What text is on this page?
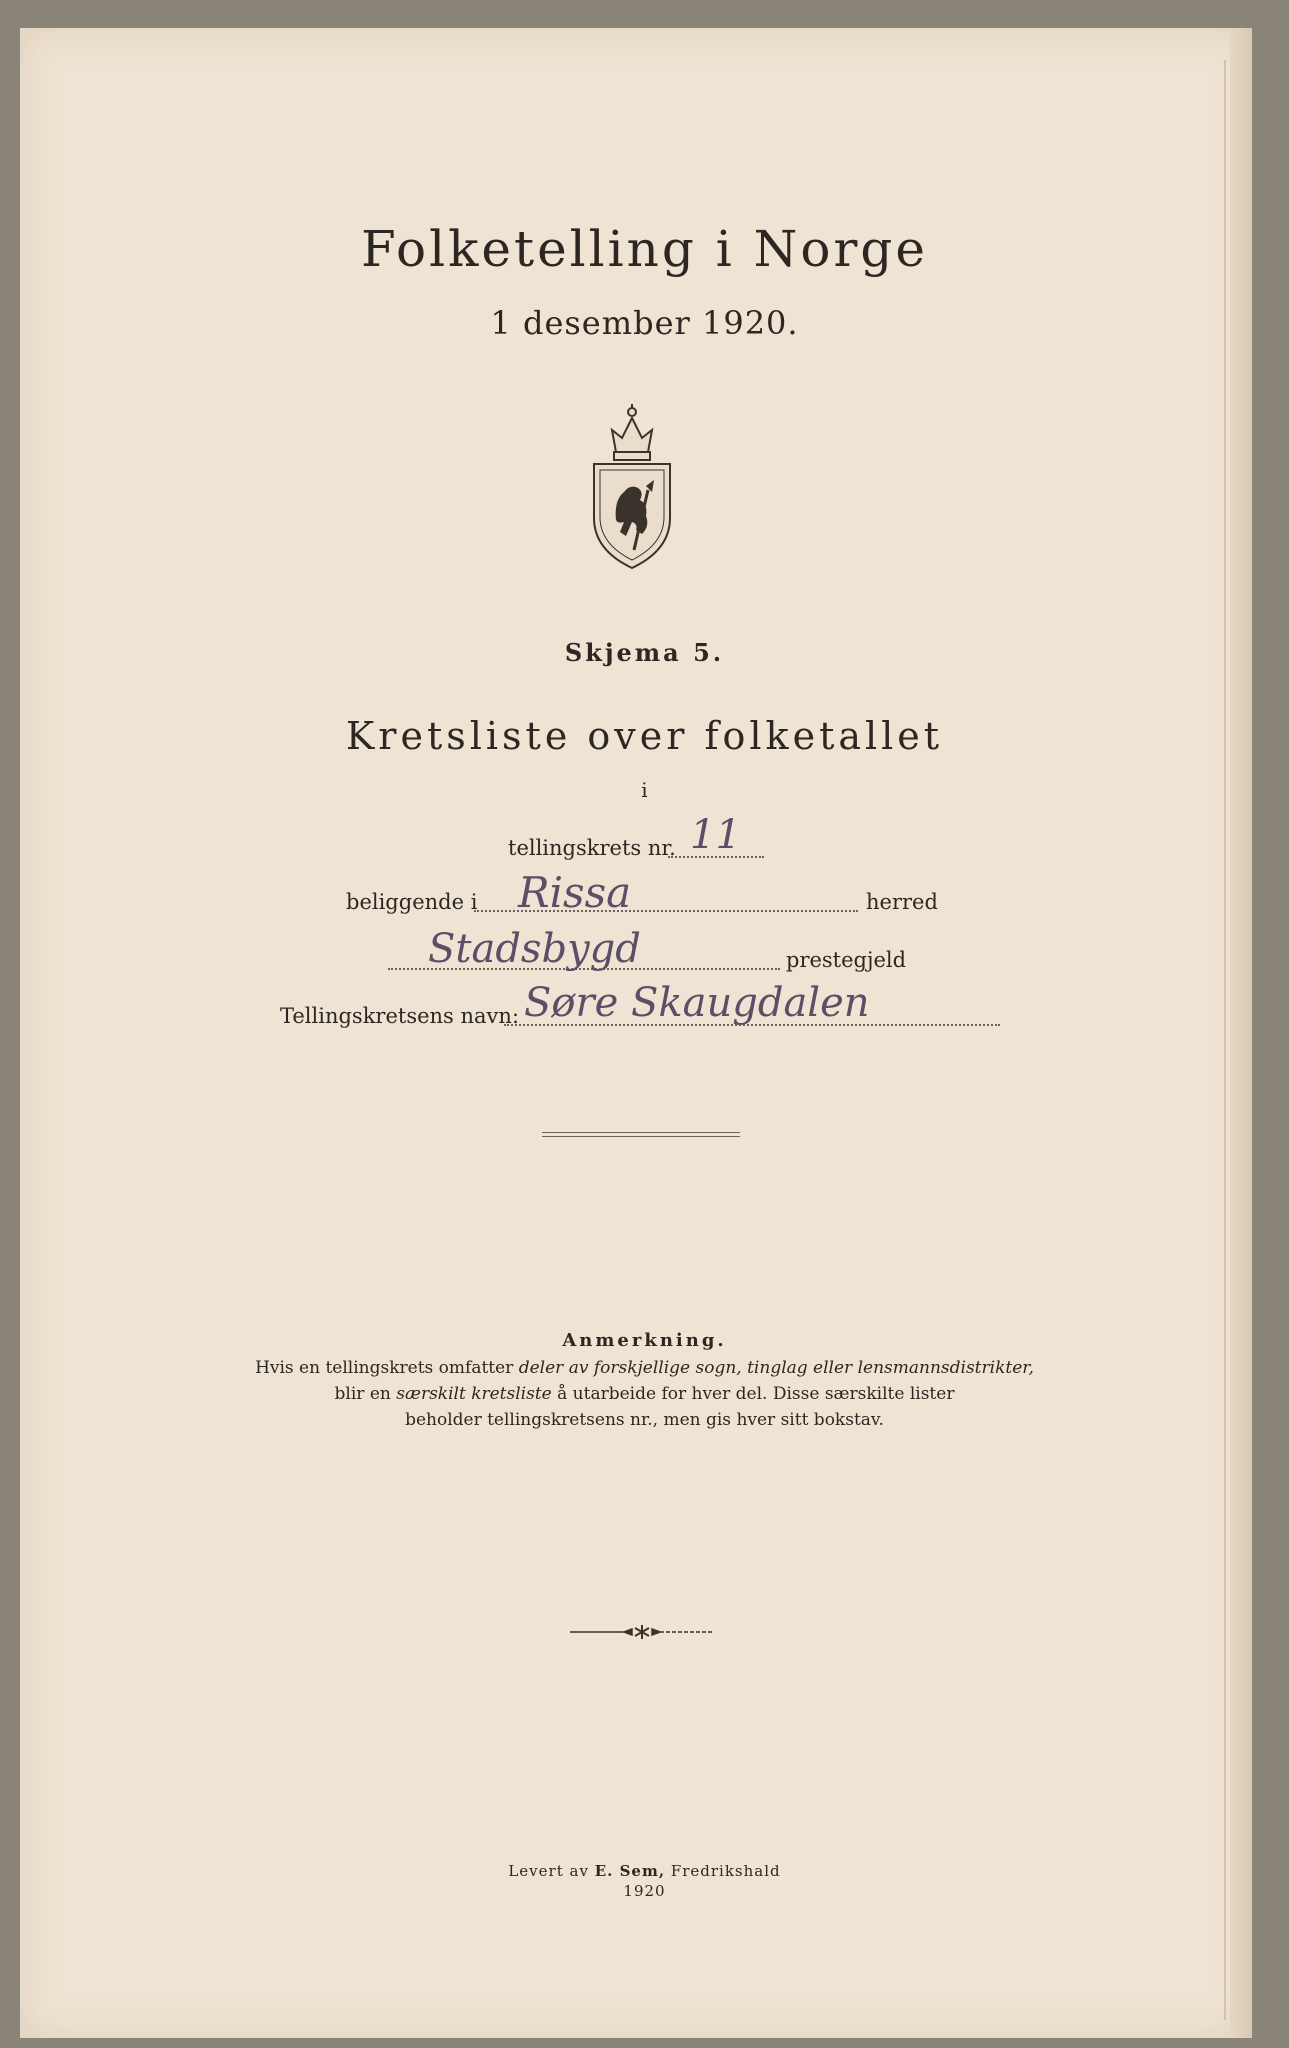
Folketelling i Norge
1 desember 1920.
Skjema 5.
Kretsliste over folketallet
i
tellingskrets nr. 11
beliggende i Rissa	herred
Stadsbygd	prestegjeld
Tellingskretsens navn: Søre Skaugdalen
Anmerkning.
Hvis en tellingskrets omfatter deler av forskjellige sogn, tinglag eller lensmannsdistrikter,
blir en særskilt kretsliste å utarbeide for hver del. Disse særskilte lister
beholder tellingskretsens nr., men gis hver sitt bokstav.
Levert av E. Sem, Fredrikshald
1920
